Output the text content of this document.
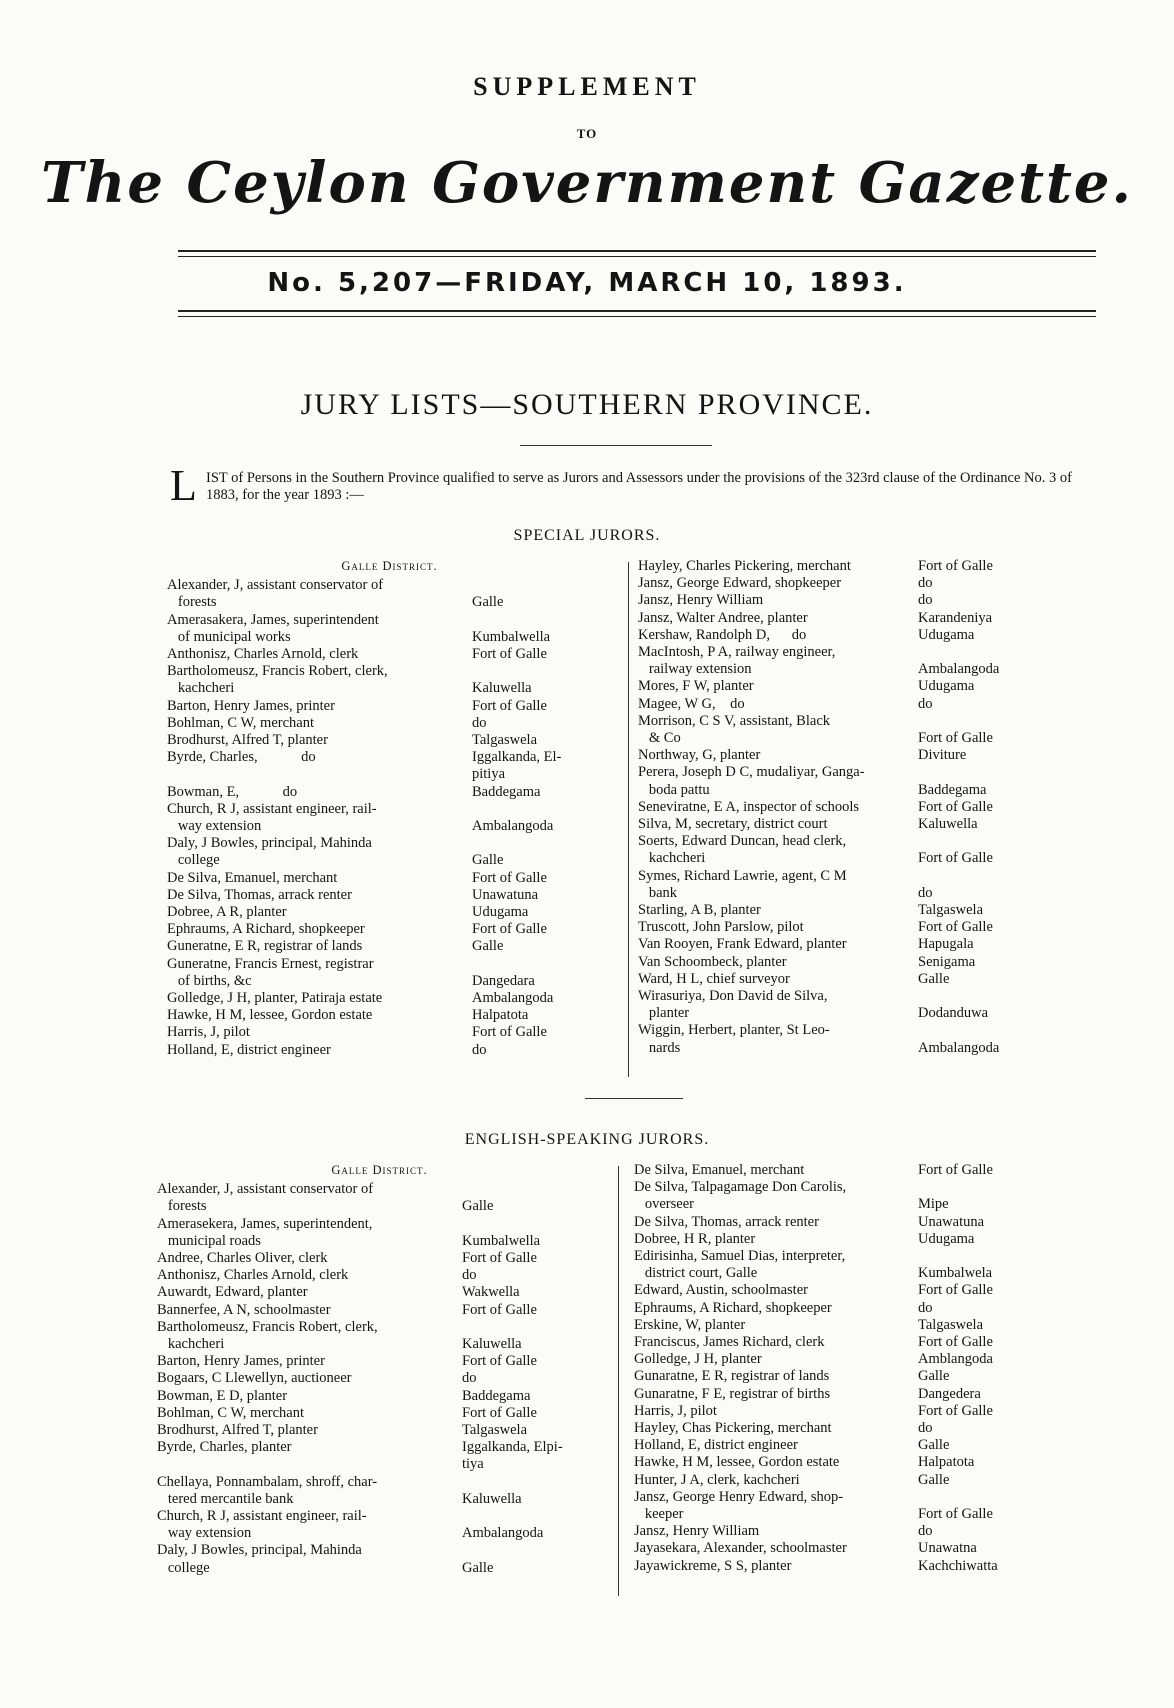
SUPPLEMENT
TO
The Ceylon Government Gazette.
No. 5,207—FRIDAY, MARCH 10, 1893.
JURY LISTS—SOUTHERN PROVINCE.
L IST of Persons in the Southern Province qualified to serve as Jurors and Assessors under the provisions of the 323rd clause of the Ordinance No. 3 of 1883, for the year 1893 :—
SPECIAL JURORS.
Galle District.
Alexander, J, assistant conservator of
forests	Galle
Amerasakera, James, superintendent
of municipal works	Kumbalwella
Anthonisz, Charles Arnold, clerk	Fort of Galle
Bartholomeusz, Francis Robert, clerk,
kachcheri	Kaluwella
Barton, Henry James, printer	Fort of Galle
Bohlman, C W, merchant	do
Brodhurst, Alfred T, planter	Talgaswela
Byrde, Charles,            do	Iggalkanda, El-
pitiya
Bowman, E,            do	Baddegama
Church, R J, assistant engineer, rail-
way extension	Ambalangoda
Daly, J Bowles, principal, Mahinda
college	Galle
De Silva, Emanuel, merchant	Fort of Galle
De Silva, Thomas, arrack renter	Unawatuna
Dobree, A R, planter	Udugama
Ephraums, A Richard, shopkeeper	Fort of Galle
Guneratne, E R, registrar of lands	Galle
Guneratne, Francis Ernest, registrar
of births, &c	Dangedara
Golledge, J H, planter, Patiraja estate	Ambalangoda
Hawke, H M, lessee, Gordon estate	Halpatota
Harris, J, pilot	Fort of Galle
Holland, E, district engineer	do
Hayley, Charles Pickering, merchant	Fort of Galle
Jansz, George Edward, shopkeeper	do
Jansz, Henry William	do
Jansz, Walter Andree, planter	Karandeniya
Kershaw, Randolph D,      do	Udugama
MacIntosh, P A, railway engineer,
railway extension	Ambalangoda
Mores, F W, planter	Udugama
Magee, W G,    do	do
Morrison, C S V, assistant, Black
& Co	Fort of Galle
Northway, G, planter	Diviture
Perera, Joseph D C, mudaliyar, Ganga-
boda pattu	Baddegama
Seneviratne, E A, inspector of schools	Fort of Galle
Silva, M, secretary, district court	Kaluwella
Soerts, Edward Duncan, head clerk,
kachcheri	Fort of Galle
Symes, Richard Lawrie, agent, C M
bank	do
Starling, A B, planter	Talgaswela
Truscott, John Parslow, pilot	Fort of Galle
Van Rooyen, Frank Edward, planter	Hapugala
Van Schoombeck, planter	Senigama
Ward, H L, chief surveyor	Galle
Wirasuriya, Don David de Silva,
planter	Dodanduwa
Wiggin, Herbert, planter, St Leo-
nards	Ambalangoda
ENGLISH-SPEAKING JURORS.
Galle District.
Alexander, J, assistant conservator of
forests	Galle
Amerasekera, James, superintendent,
municipal roads	Kumbalwella
Andree, Charles Oliver, clerk	Fort of Galle
Anthonisz, Charles Arnold, clerk	do
Auwardt, Edward, planter	Wakwella
Bannerfee, A N, schoolmaster	Fort of Galle
Bartholomeusz, Francis Robert, clerk,
kachcheri	Kaluwella
Barton, Henry James, printer	Fort of Galle
Bogaars, C Llewellyn, auctioneer	do
Bowman, E D, planter	Baddegama
Bohlman, C W, merchant	Fort of Galle
Brodhurst, Alfred T, planter	Talgaswela
Byrde, Charles, planter	Iggalkanda, Elpi-
tiya
Chellaya, Ponnambalam, shroff, char-
tered mercantile bank	Kaluwella
Church, R J, assistant engineer, rail-
way extension	Ambalangoda
Daly, J Bowles, principal, Mahinda
college	Galle
De Silva, Emanuel, merchant	Fort of Galle
De Silva, Talpagamage Don Carolis,
overseer	Mipe
De Silva, Thomas, arrack renter	Unawatuna
Dobree, H R, planter	Udugama
Edirisinha, Samuel Dias, interpreter,
district court, Galle	Kumbalwela
Edward, Austin, schoolmaster	Fort of Galle
Ephraums, A Richard, shopkeeper	do
Erskine, W, planter	Talgaswela
Franciscus, James Richard, clerk	Fort of Galle
Golledge, J H, planter	Amblangoda
Gunaratne, E R, registrar of lands	Galle
Gunaratne, F E, registrar of births	Dangedera
Harris, J, pilot	Fort of Galle
Hayley, Chas Pickering, merchant	do
Holland, E, district engineer	Galle
Hawke, H M, lessee, Gordon estate	Halpatota
Hunter, J A, clerk, kachcheri	Galle
Jansz, George Henry Edward, shop-
keeper	Fort of Galle
Jansz, Henry William	do
Jayasekara, Alexander, schoolmaster	Unawatna
Jayawickreme, S S, planter	Kachchiwatta
